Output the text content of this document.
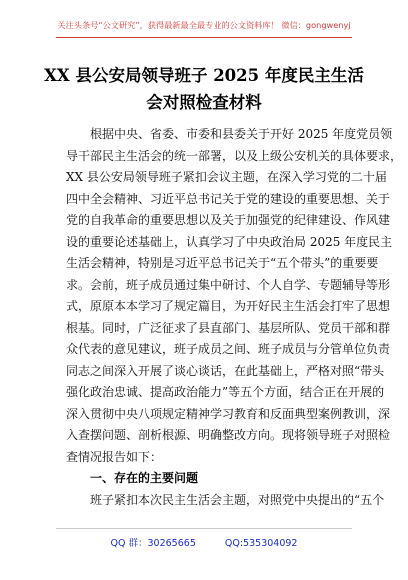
关注头条号“公文研究”，获得最新最全最专业的公文资料库！ 微信：gongwenyj
XX 县公安局领导班子 2025 年度民主生活
会对照检查材料
根据中央、省委、市委和县委关于开好 2025 年度党员领
导干部民主生活会的统一部署，以及上级公安机关的具体要求，
XX 县公安局领导班子紧扣会议主题，在深入学习党的二十届
四中全会精神、习近平总书记关于党的建设的重要思想、关于
党的自我革命的重要思想以及关于加强党的纪律建设、作风建
设的重要论述基础上，认真学习了中央政治局 2025 年度民主
生活会精神，特别是习近平总书记关于“五个带头”的重要要
求。会前，班子成员通过集中研讨、个人自学、专题辅导等形
式，原原本本学习了规定篇目，为开好民主生活会打牢了思想
根基。同时，广泛征求了县直部门、基层所队、党员干部和群
众代表的意见建议，班子成员之间、班子成员与分管单位负责
同志之间深入开展了谈心谈话，在此基础上，严格对照“带头
强化政治忠诚、提高政治能力”等五个方面，结合正在开展的
深入贯彻中央八项规定精神学习教育和反面典型案例教训，深
入查摆问题、剖析根源、明确整改方向。现将领导班子对照检
查情况报告如下：
一、存在的主要问题
班子紧扣本次民主生活会主题，对照党中央提出的“五个
QQ 群：30265665	QQ:535304092
